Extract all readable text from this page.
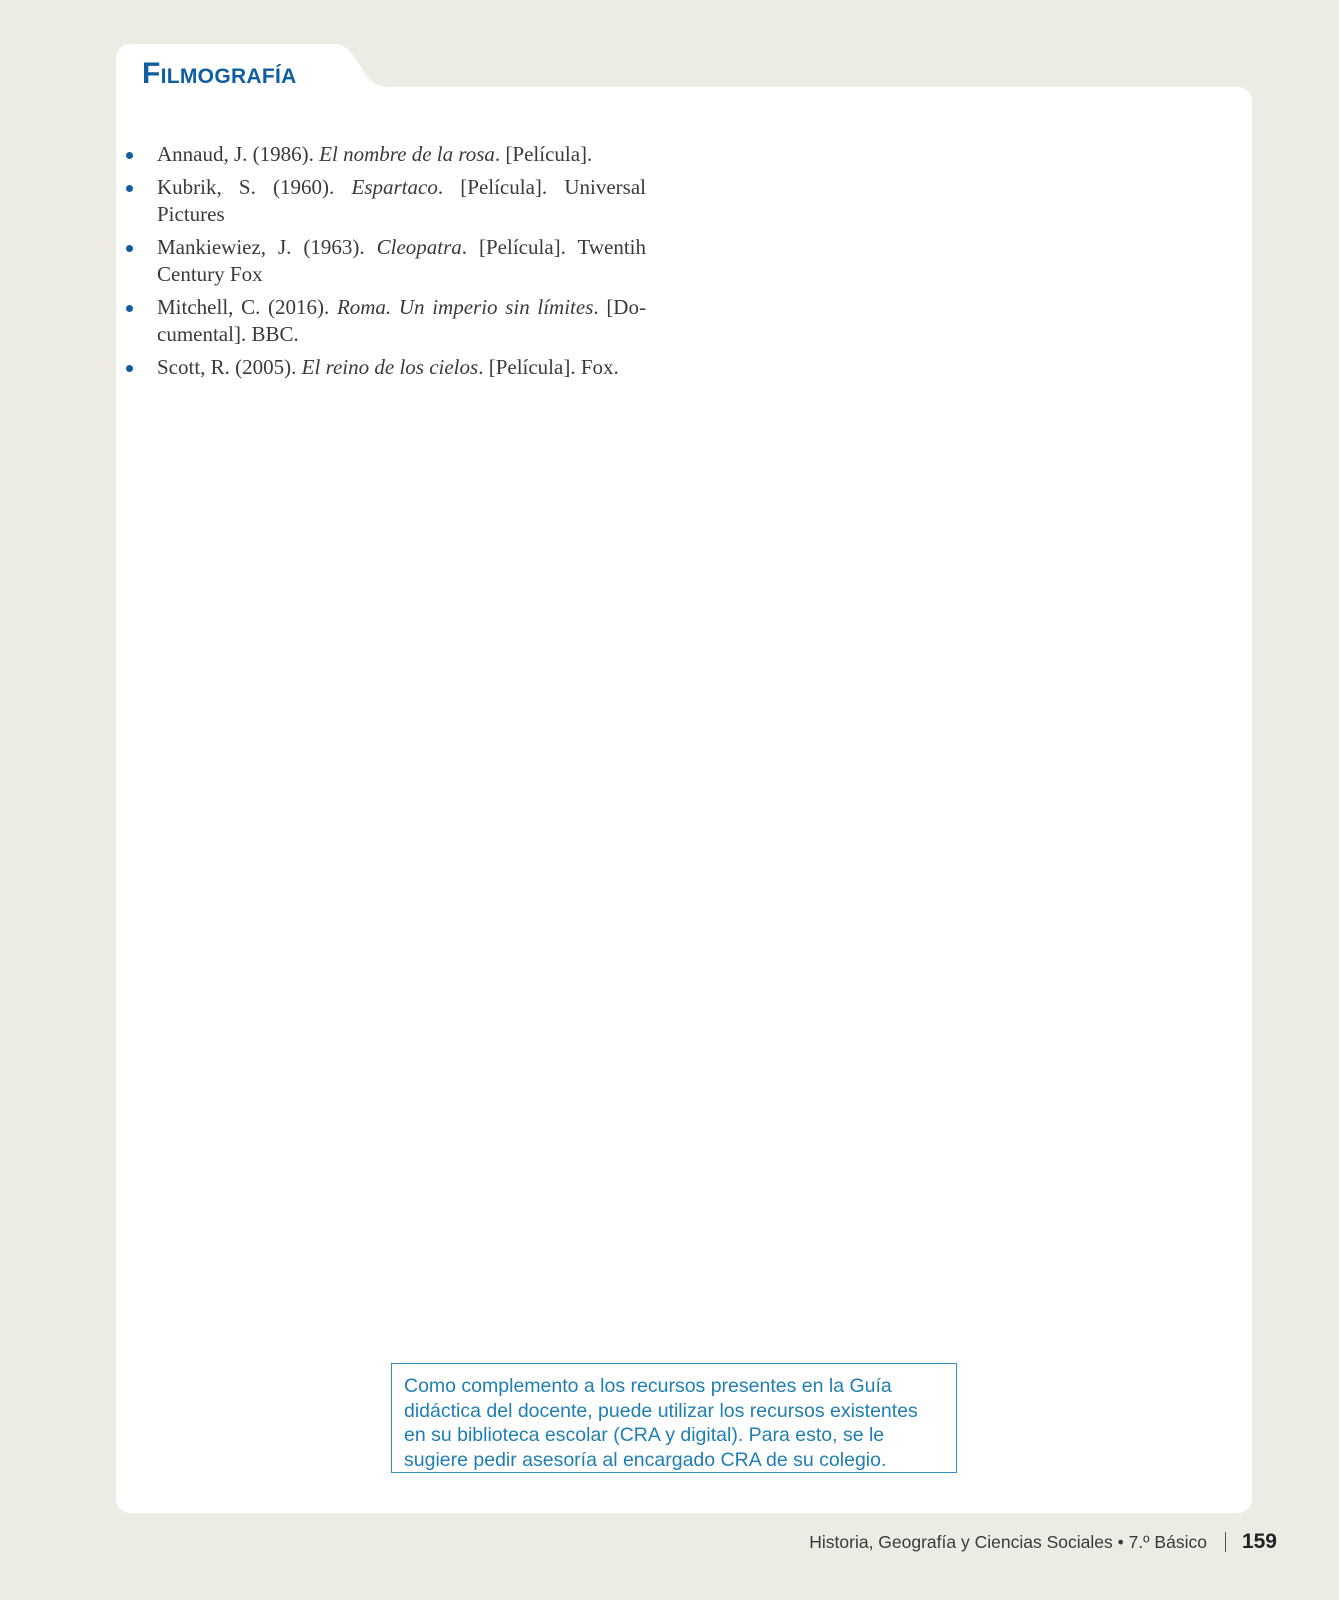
Filmografía
Annaud, J. (1986). El nombre de la rosa. [Película].
Kubrik, S. (1960). Espartaco. [Película]. Universal Pictures
Mankiewiez, J. (1963). Cleopatra. [Película]. Twentih Century Fox
Mitchell, C. (2016). Roma. Un imperio sin límites. [Documental]. BBC.
Scott, R. (2005). El reino de los cielos. [Película]. Fox.
Como complemento a los recursos presentes en la Guía didáctica del docente, puede utilizar los recursos existentes en su biblioteca escolar (CRA y digital). Para esto, se le sugiere pedir asesoría al encargado CRA de su colegio.
Historia, Geografía y Ciencias Sociales • 7.º Básico 159
